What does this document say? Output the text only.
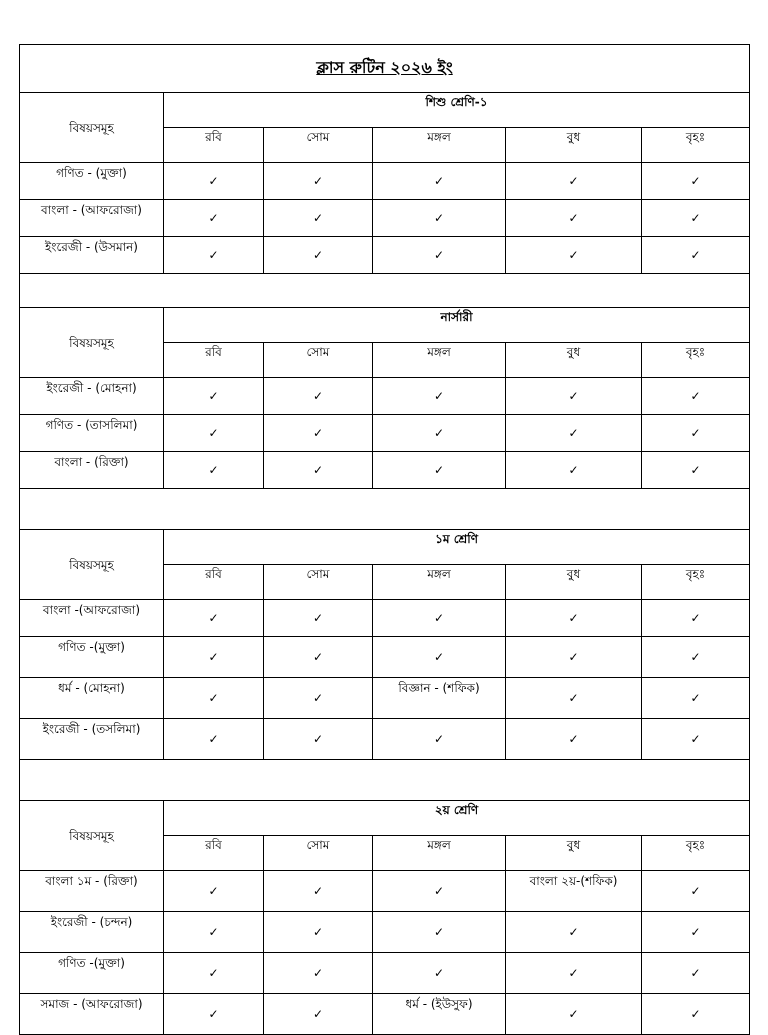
ক্লাস রুটিন ২০২৬ ইং					
বিষয়সমূহ	শিশু শ্রেণি-১				
	রবি	সোম	মঙ্গল	বুধ	বৃহঃ
গণিত - (মুক্তা)	✓	✓	✓	✓	✓
বাংলা - (আফরোজা)	✓	✓	✓	✓	✓
ইংরেজী - (উসমান)	✓	✓	✓	✓	✓

বিষয়সমূহ	নার্সারী				
	রবি	সোম	মঙ্গল	বুধ	বৃহঃ
ইংরেজী - (মোহনা)	✓	✓	✓	✓	✓
গণিত - (তাসলিমা)	✓	✓	✓	✓	✓
বাংলা - (রিক্তা)	✓	✓	✓	✓	✓

বিষয়সমূহ	১ম শ্রেণি				
	রবি	সোম	মঙ্গল	বুধ	বৃহঃ
বাংলা -(আফরোজা)	✓	✓	✓	✓	✓
গণিত -(মুক্তা)	✓	✓	✓	✓	✓
ধর্ম - (মোহনা)	✓	✓	বিজ্ঞান - (শফিক)	✓	✓
ইংরেজী - (তসলিমা)	✓	✓	✓	✓	✓

বিষয়সমূহ	২য় শ্রেণি				
	রবি	সোম	মঙ্গল	বুধ	বৃহঃ
বাংলা ১ম - (রিক্তা)	✓	✓	✓	বাংলা ২য়-(শফিক)	✓
ইংরেজী - (চন্দন)	✓	✓	✓	✓	✓
গণিত -(মুক্তা)	✓	✓	✓	✓	✓
সমাজ - (আফরোজা)	✓	✓	ধর্ম - (ইউসুফ)	✓	✓
